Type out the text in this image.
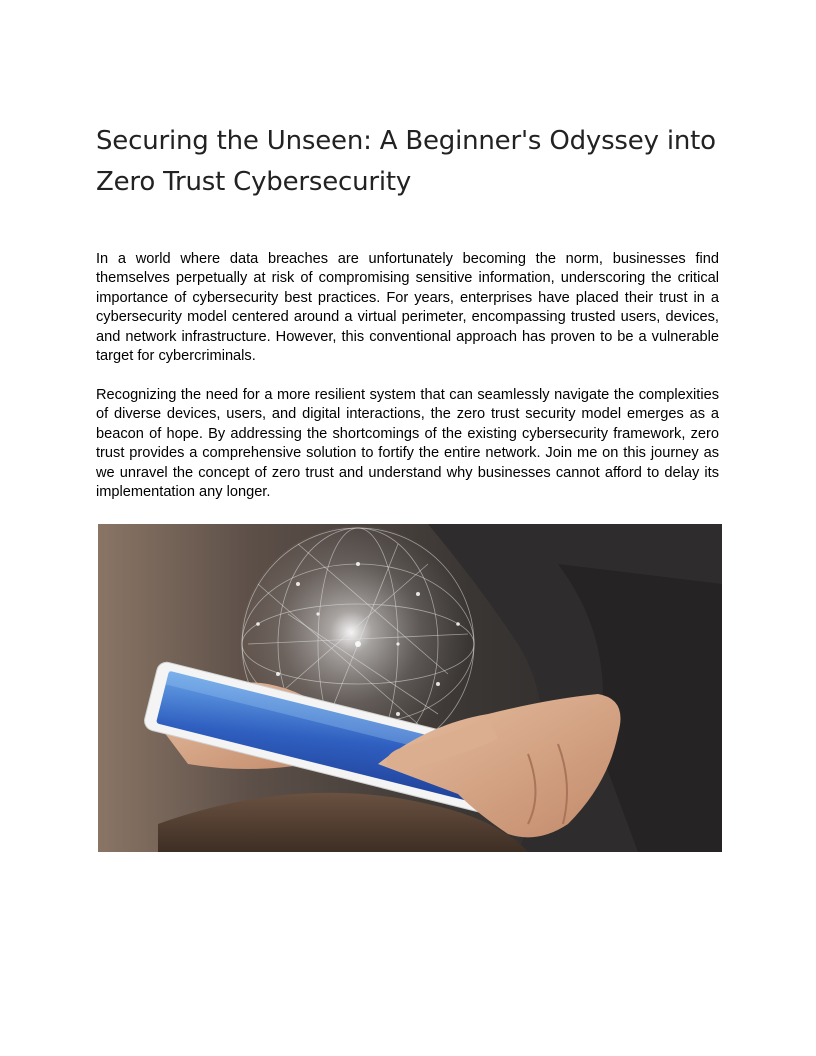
Securing the Unseen: A Beginner's Odyssey into Zero Trust Cybersecurity

In a world where data breaches are unfortunately becoming the norm, businesses find themselves perpetually at risk of compromising sensitive information, underscoring the critical importance of cybersecurity best practices. For years, enterprises have placed their trust in a cybersecurity model centered around a virtual perimeter, encompassing trusted users, devices, and network infrastructure. However, this conventional approach has proven to be a vulnerable target for cybercriminals.

Recognizing the need for a more resilient system that can seamlessly navigate the complexities of diverse devices, users, and digital interactions, the zero trust security model emerges as a beacon of hope. By addressing the shortcomings of the existing cybersecurity framework, zero trust provides a comprehensive solution to fortify the entire network. Join me on this journey as we unravel the concept of zero trust and understand why businesses cannot afford to delay its implementation any longer.
